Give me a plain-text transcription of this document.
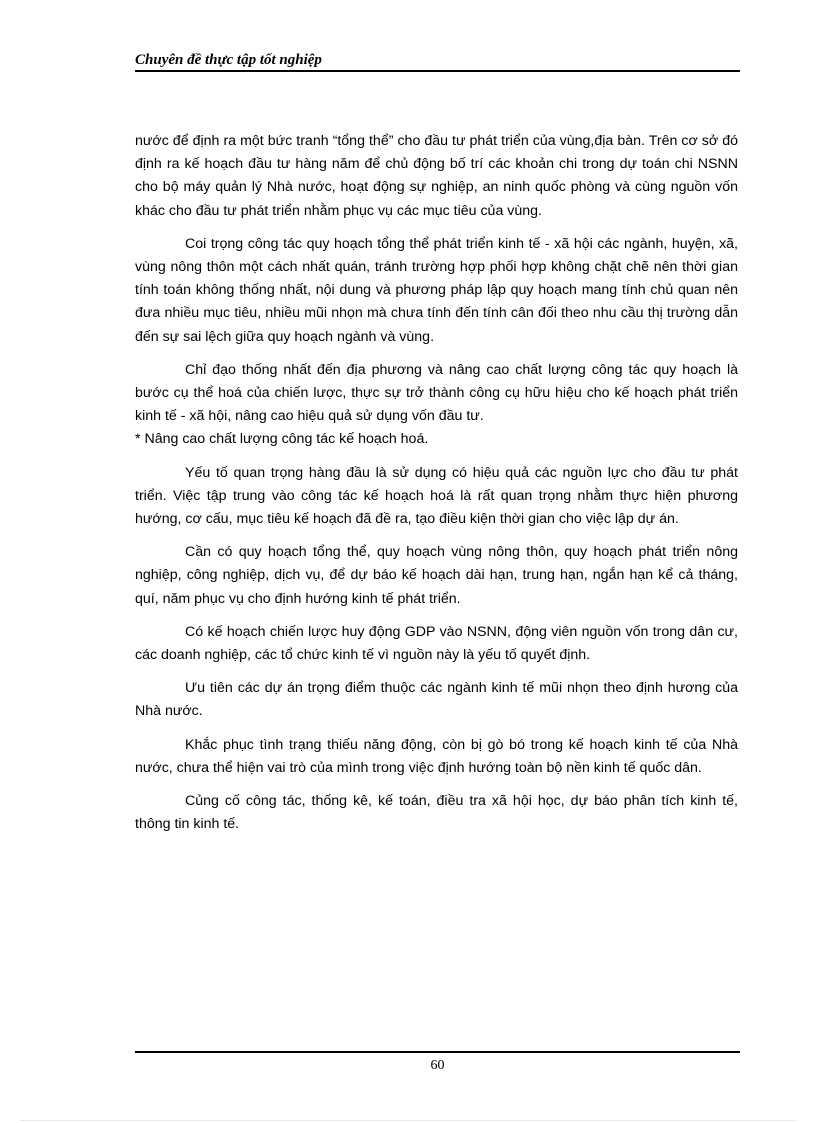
Chuyên đề thực tập tốt nghiệp

nước để định ra một bức tranh “tổng thể” cho đầu tư phát triển của vùng,địa bàn. Trên cơ sở đó định ra kế hoạch đầu tư hàng năm để chủ động bố trí các khoản chi trong dự toán chi NSNN cho bộ máy quản lý Nhà nước, hoạt động sự nghiệp, an ninh quốc phòng và cùng nguồn vốn khác cho đầu tư phát triển nhằm phục vụ các mục tiêu của vùng.

Coi trọng công tác quy hoạch tổng thể phát triển kinh tế - xã hội các ngành, huyện, xã, vùng nông thôn một cách nhất quán, tránh trường hợp phối hợp không chặt chẽ nên thời gian tính toán không thống nhất, nội dung và phương pháp lập quy hoạch mang tính chủ quan nên đưa nhiều mục tiêu, nhiều mũi nhọn mà chưa tính đến tính cân đối theo nhu cầu thị trường dẫn đến sự sai lệch giữa quy hoạch ngành và vùng.

Chỉ đạo thống nhất đến địa phương và nâng cao chất lượng công tác quy hoạch là bước cụ thể hoá của chiến lược, thực sự trở thành công cụ hữu hiệu cho kế hoạch phát triển kinh tế - xã hội, nâng cao hiệu quả sử dụng vốn đầu tư.

* Nâng cao chất lượng công tác kế hoạch hoá.

Yếu tố quan trọng hàng đầu là sử dụng có hiệu quả các nguồn lực cho đầu tư phát triển. Việc tập trung vào công tác kế hoạch hoá là rất quan trọng nhằm thực hiện phương hướng, cơ cấu, mục tiêu kế hoạch đã đề ra, tạo điều kiện thời gian cho việc lập dự án.

Cần có quy hoạch tổng thể, quy hoạch vùng nông thôn, quy hoạch phát triển nông nghiệp, công nghiệp, dịch vụ, để dự báo kế hoạch dài hạn, trung hạn, ngắn hạn kể cả tháng, quí, năm phục vụ cho định hướng kinh tế phát triển.

Có kế hoạch chiến lược huy động GDP vào NSNN, động viên nguồn vốn trong dân cư, các doanh nghiệp, các tổ chức kinh tế vì nguồn này là yếu tố quyết định.

Ưu tiên các dự án trọng điểm thuộc các ngành kinh tế mũi nhọn theo định hương của Nhà nước.

Khắc phục tình trạng thiếu năng động, còn bị gò bó trong kế hoạch kinh tế của Nhà nước, chưa thể hiện vai trò của mình trong việc định hướng toàn bộ nền kinh tế quốc dân.

Củng cố công tác, thống kê, kế toán, điều tra xã hội học, dự báo phân tích kinh tế, thông tin kinh tế.

60
